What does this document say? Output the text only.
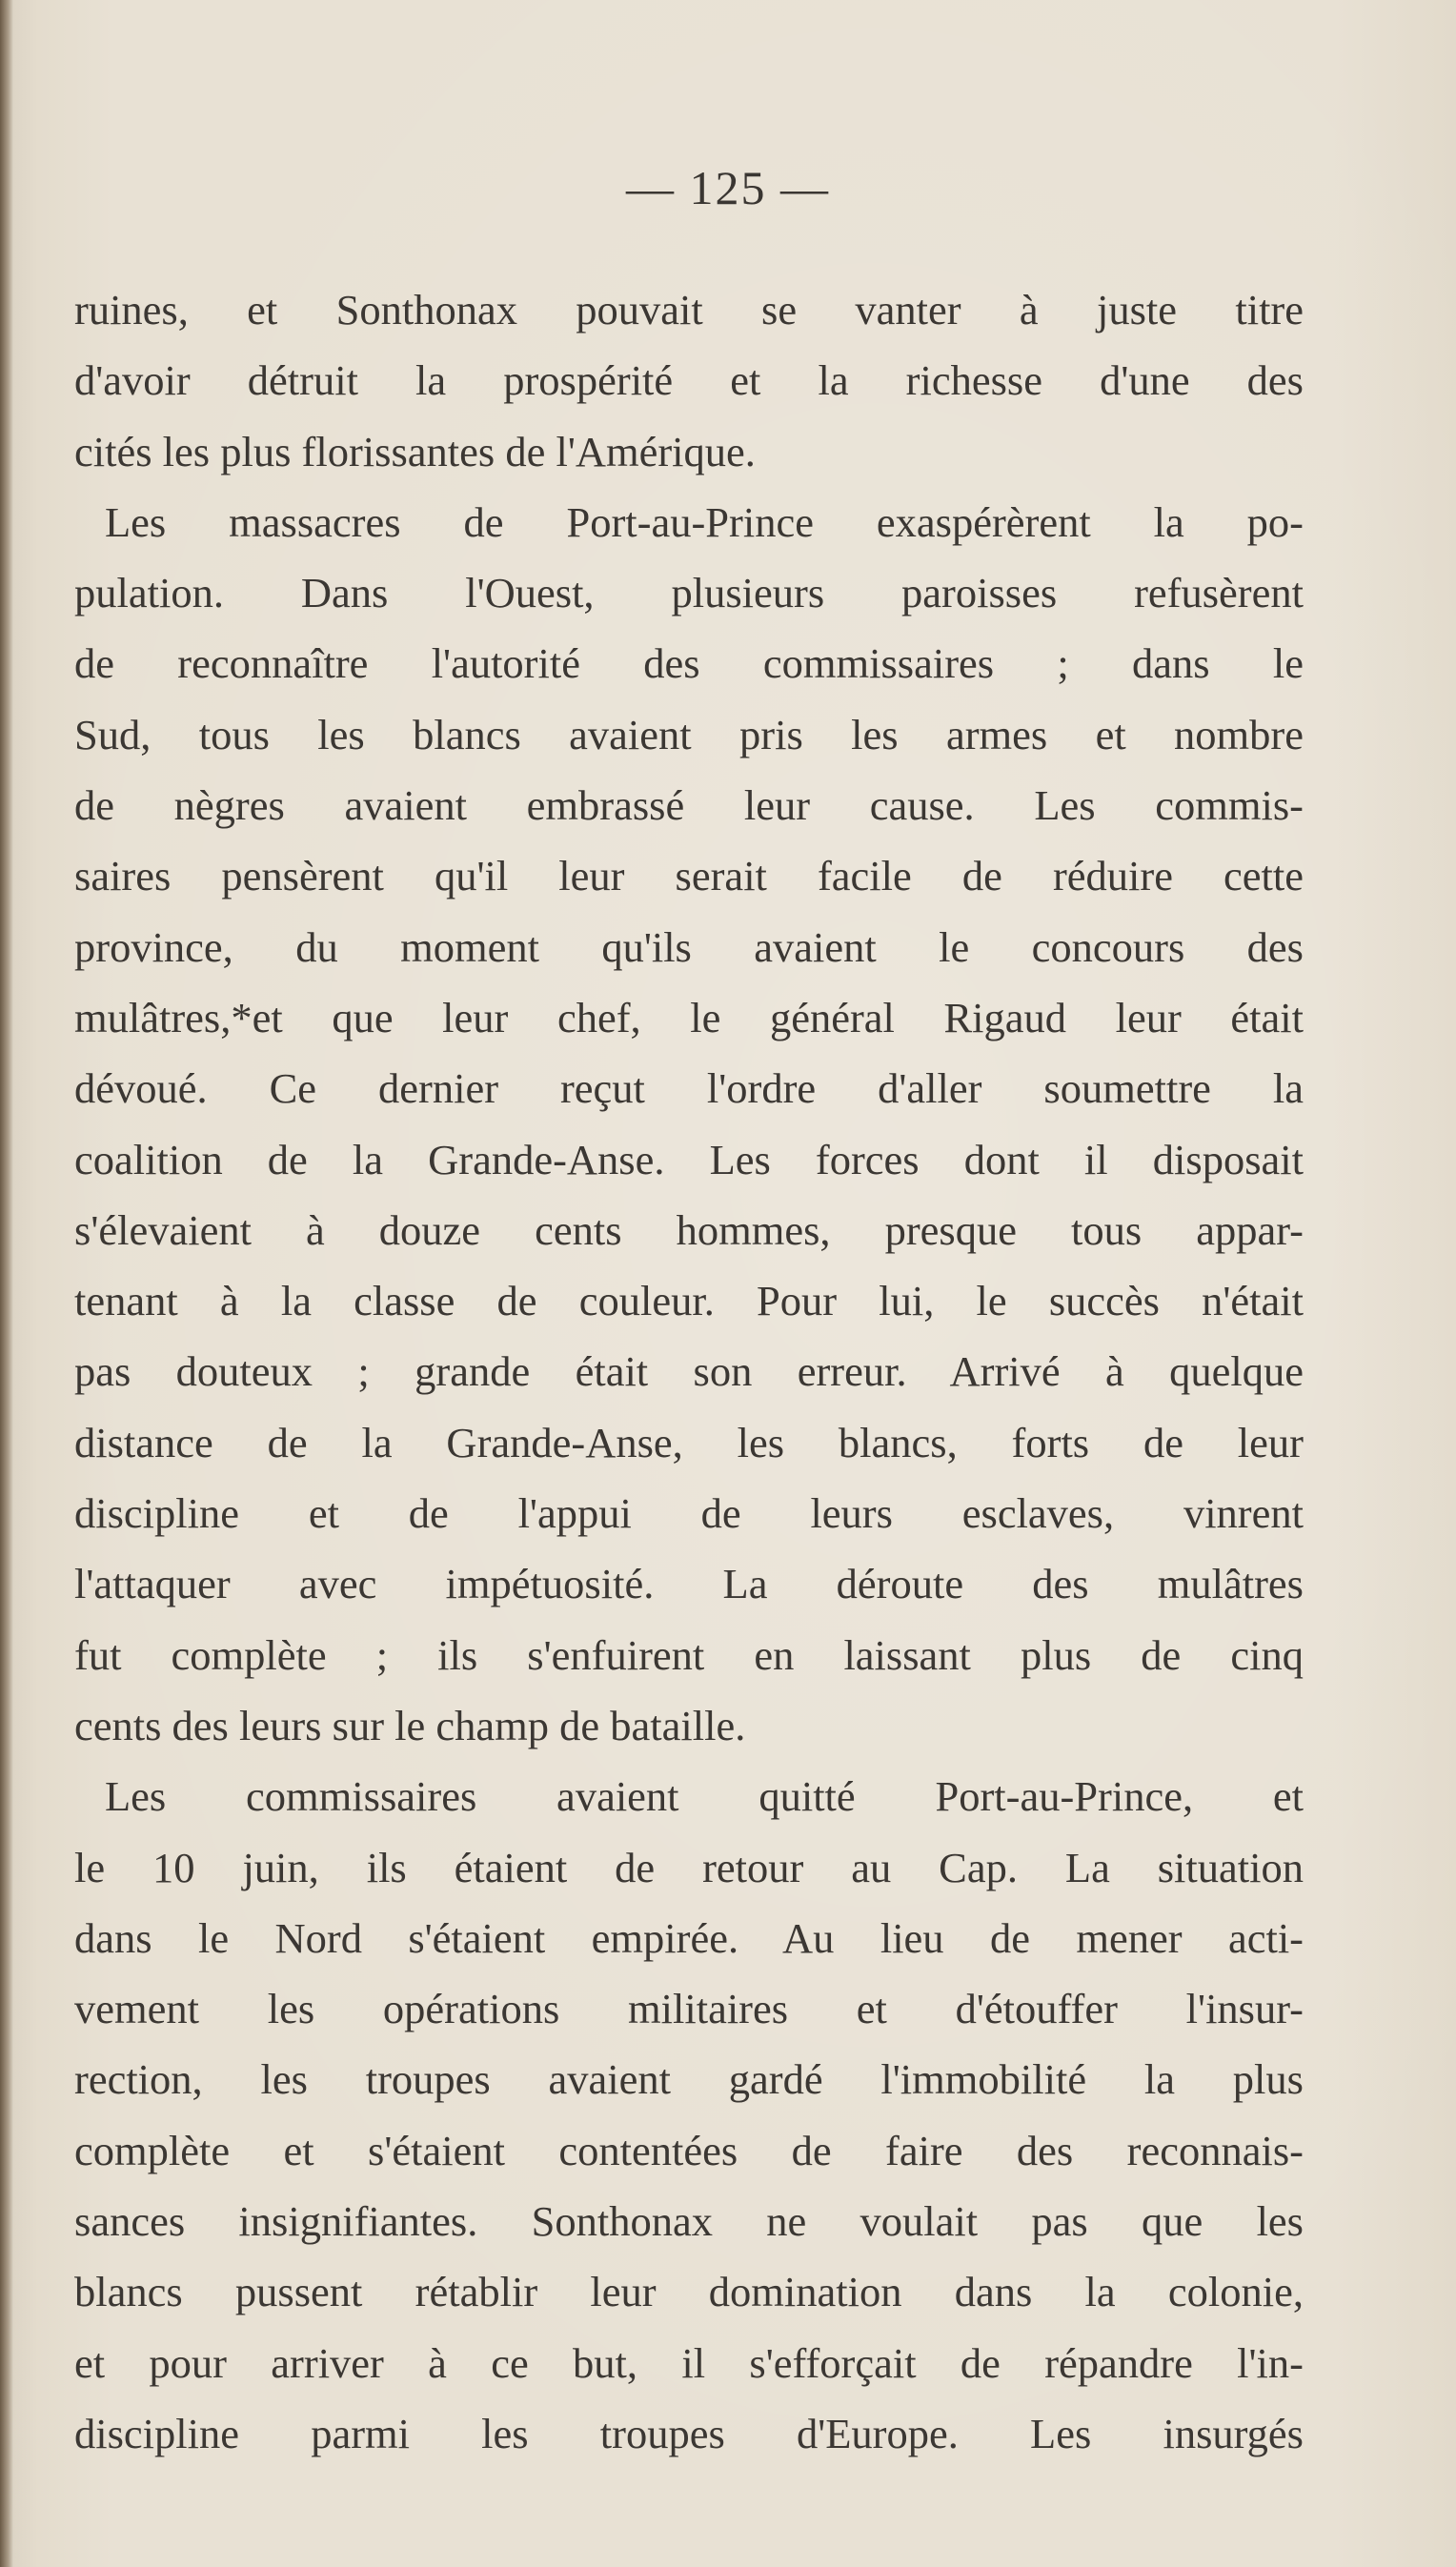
— 125 —
ruines, et Sonthonax pouvait se vanter à juste titre
d'avoir détruit la prospérité et la richesse d'une des
cités les plus florissantes de l'Amérique.
Les massacres de Port-au-Prince exaspérèrent la po-
pulation. Dans l'Ouest, plusieurs paroisses refusèrent
de reconnaître l'autorité des commissaires ; dans le
Sud, tous les blancs avaient pris les armes et nombre
de nègres avaient embrassé leur cause. Les commis-
saires pensèrent qu'il leur serait facile de réduire cette
province, du moment qu'ils avaient le concours des
mulâtres,*et que leur chef, le général Rigaud leur était
dévoué. Ce dernier reçut l'ordre d'aller soumettre la
coalition de la Grande-Anse. Les forces dont il disposait
s'élevaient à douze cents hommes, presque tous appar-
tenant à la classe de couleur. Pour lui, le succès n'était
pas douteux ; grande était son erreur. Arrivé à quelque
distance de la Grande-Anse, les blancs, forts de leur
discipline et de l'appui de leurs esclaves, vinrent
l'attaquer avec impétuosité. La déroute des mulâtres
fut complète ; ils s'enfuirent en laissant plus de cinq
cents des leurs sur le champ de bataille.
Les commissaires avaient quitté Port-au-Prince, et
le 10 juin, ils étaient de retour au Cap. La situation
dans le Nord s'étaient empirée. Au lieu de mener acti-
vement les opérations militaires et d'étouffer l'insur-
rection, les troupes avaient gardé l'immobilité la plus
complète et s'étaient contentées de faire des reconnais-
sances insignifiantes. Sonthonax ne voulait pas que les
blancs pussent rétablir leur domination dans la colonie,
et pour arriver à ce but, il s'efforçait de répandre l'in-
discipline parmi les troupes d'Europe. Les insurgés
